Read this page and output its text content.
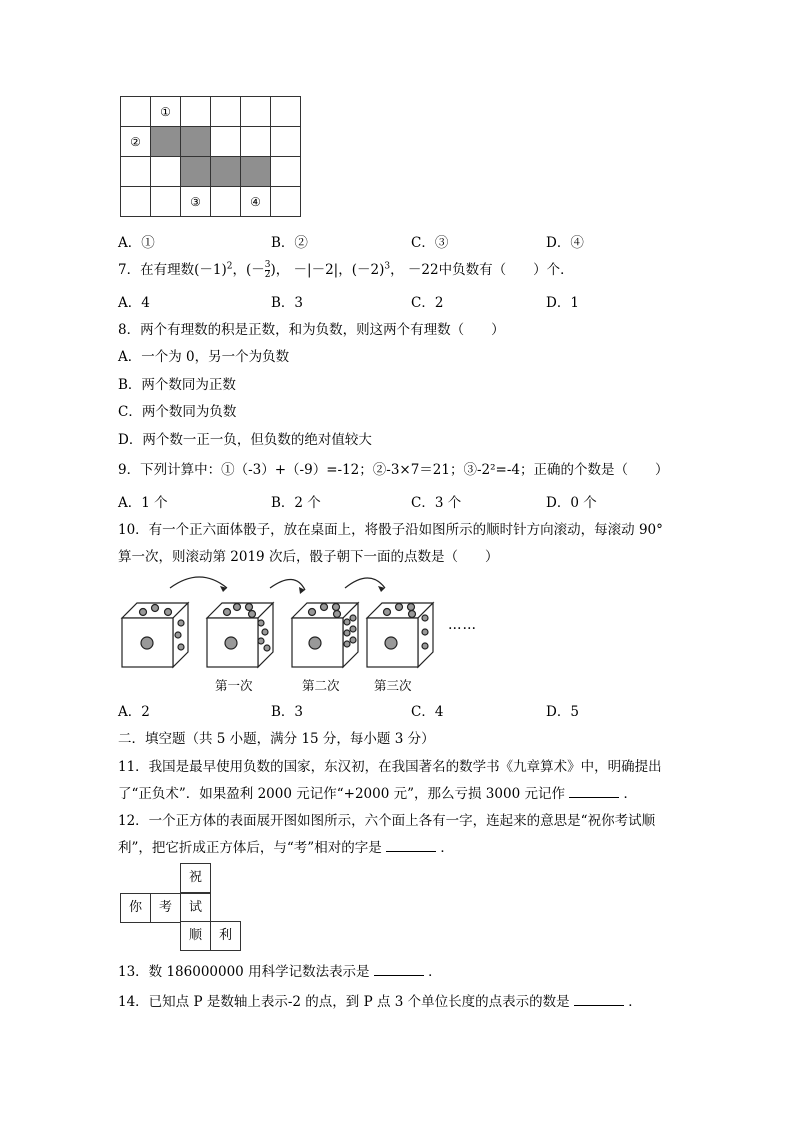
	①				
②					

		③		④	
A．①	B．②	C．③	D．④
7．在有理数$(-1)^2$，(－ $\frac{3}{2}$ )， －|－2|，$(-2)^3$， －22中负数有（　　）个．
A．4	B．3	C．2	D．1
8．两个有理数的积是正数，和为负数，则这两个有理数（　　）
A．一个为 0，另一个为负数
B．两个数同为正数
C．两个数同为负数
D．两个数一正一负，但负数的绝对值较大
9．下列计算中：①（-3）+（-9）=-12；②-3×7＝21；③-2²=-4；正确的个数是（　　）
A．1 个	B．2 个	C．3 个	D．0 个
10．有一个正六面体骰子，放在桌面上，将骰子沿如图所示的顺时针方向滚动，每滚动 90°
算一次，则滚动第 2019 次后，骰子朝下一面的点数是（　　）
……
第一次	第二次	第三次
A．2	B．3	C．4	D．5
二．填空题（共 5 小题，满分 15 分，每小题 3 分）
11．我国是最早使用负数的国家，东汉初，在我国著名的数学书《九章算术》中，明确提出
了“正负术”．如果盈利 2000 元记作“+2000 元”，那么亏损 3000 元记作	．
12．一个正方体的表面展开图如图所示，六个面上各有一字，连起来的意思是“祝你考试顺
利”，把它折成正方体后，与“考”相对的字是	．
祝
你	考	试
顺	利
13．数 186000000 用科学记数法表示是	．
14．已知点 P 是数轴上表示-2 的点，到 P 点 3 个单位长度的点表示的数是	．
